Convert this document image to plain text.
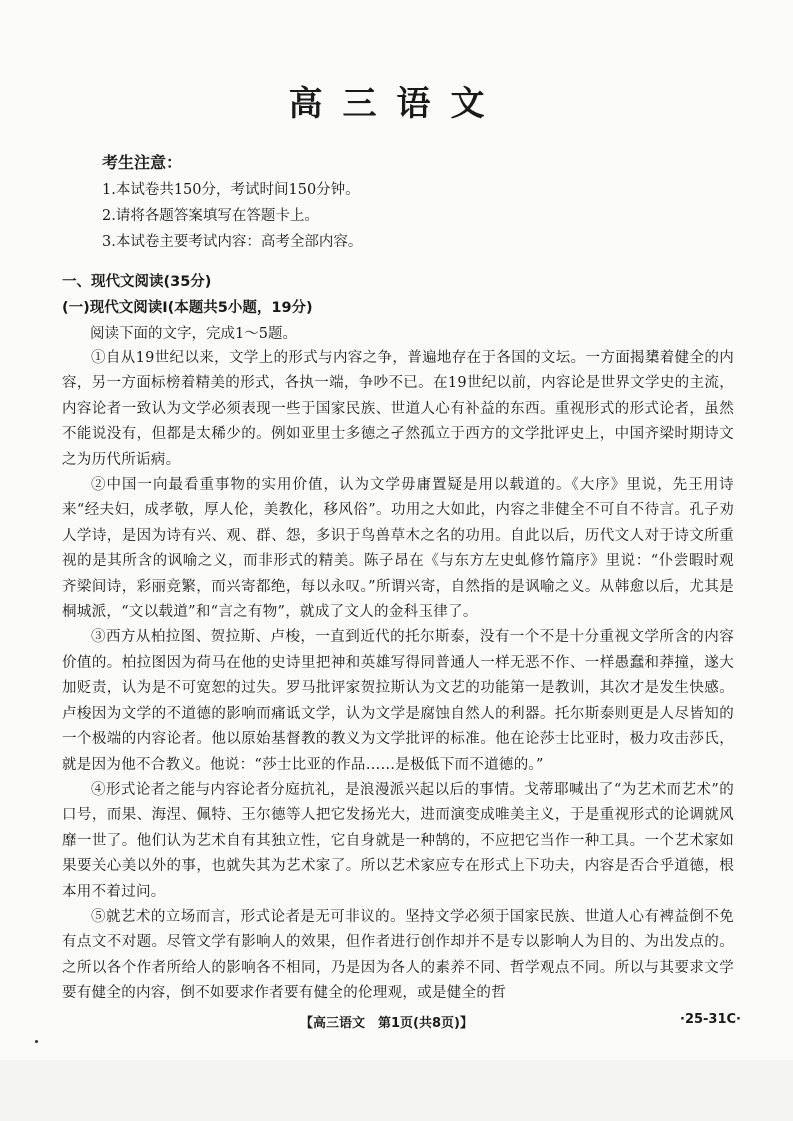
高三语文
考生注意：
1.本试卷共150分，考试时间150分钟。
2.请将各题答案填写在答题卡上。
3.本试卷主要考试内容：高考全部内容。
一、现代文阅读(35分)
(一)现代文阅读Ⅰ(本题共5小题，19分)
阅读下面的文字，完成1～5题。

①自从19世纪以来，文学上的形式与内容之争，普遍地存在于各国的文坛。一方面揭橥着健全的内容，另一方面标榜着精美的形式，各执一端，争吵不已。在19世纪以前，内容论是世界文学史的主流，内容论者一致认为文学必须表现一些于国家民族、世道人心有补益的东西。重视形式的形式论者，虽然不能说没有，但都是太稀少的。例如亚里士多德之孑然孤立于西方的文学批评史上，中国齐梁时期诗文之为历代所诟病。

②中国一向最看重事物的实用价值，认为文学毋庸置疑是用以载道的。《大序》里说，先王用诗来“经夫妇，成孝敬，厚人伦，美教化，移风俗”。功用之大如此，内容之非健全不可自不待言。孔子劝人学诗，是因为诗有兴、观、群、怨，多识于鸟兽草木之名的功用。自此以后，历代文人对于诗文所重视的是其所含的讽喻之义，而非形式的精美。陈子昂在《与东方左史虬修竹篇序》里说：“仆尝暇时观齐梁间诗，彩丽竞繁，而兴寄都绝，每以永叹。”所谓兴寄，自然指的是讽喻之义。从韩愈以后，尤其是桐城派，“文以载道”和“言之有物”，就成了文人的金科玉律了。

③西方从柏拉图、贺拉斯、卢梭，一直到近代的托尔斯泰，没有一个不是十分重视文学所含的内容价值的。柏拉图因为荷马在他的史诗里把神和英雄写得同普通人一样无恶不作、一样愚蠢和莽撞，遂大加贬责，认为是不可宽恕的过失。罗马批评家贺拉斯认为文艺的功能第一是教训，其次才是发生快感。卢梭因为文学的不道德的影响而痛诋文学，认为文学是腐蚀自然人的利器。托尔斯泰则更是人尽皆知的一个极端的内容论者。他以原始基督教的教义为文学批评的标准。他在论莎士比亚时，极力攻击莎氏，就是因为他不合教义。他说：“莎士比亚的作品……是极低下而不道德的。”

④形式论者之能与内容论者分庭抗礼，是浪漫派兴起以后的事情。戈蒂耶喊出了“为艺术而艺术”的口号，而果、海涅、佩特、王尔德等人把它发扬光大，进而演变成唯美主义，于是重视形式的论调就风靡一世了。他们认为艺术自有其独立性，它自身就是一种鹄的，不应把它当作一种工具。一个艺术家如果要关心美以外的事，也就失其为艺术家了。所以艺术家应专在形式上下功夫，内容是否合乎道德，根本用不着过问。

⑤就艺术的立场而言，形式论者是无可非议的。坚持文学必须于国家民族、世道人心有裨益倒不免有点文不对题。尽管文学有影响人的效果，但作者进行创作却并不是专以影响人为目的、为出发点的。之所以各个作者所给人的影响各不相同，乃是因为各人的素养不同、哲学观点不同。所以与其要求文学要有健全的内容，倒不如要求作者要有健全的伦理观，或是健全的哲

【高三语文　第1页(共8页)】	·25-31C·
